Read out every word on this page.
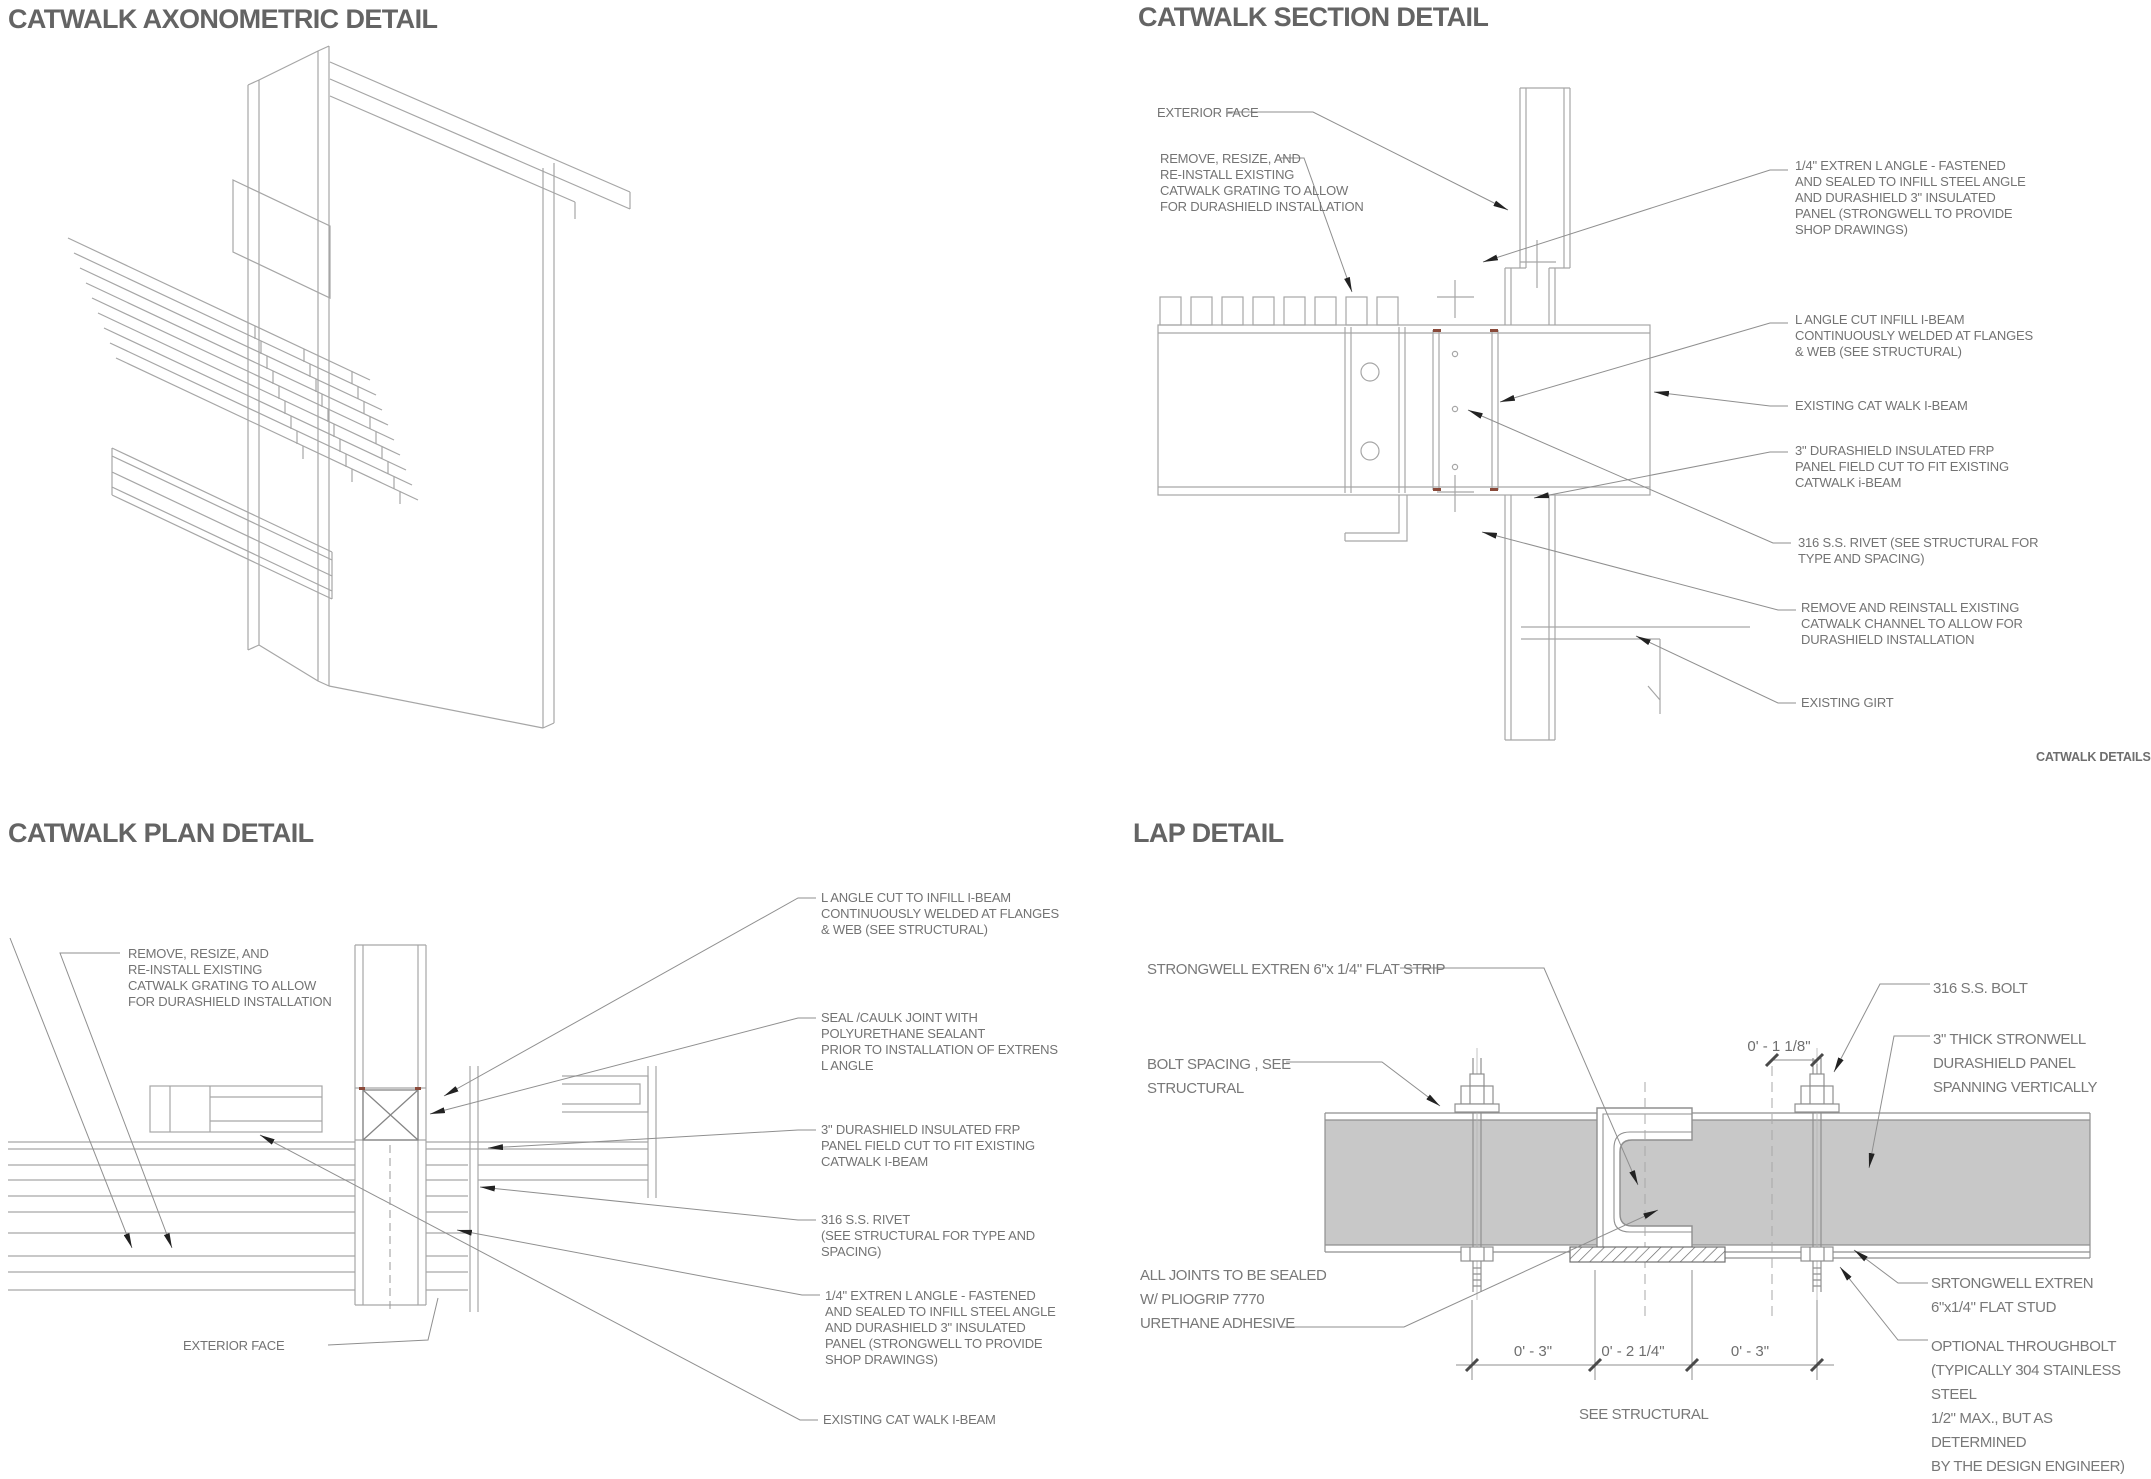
CATWALK AXONOMETRIC DETAIL	CATWALK SECTION DETAIL
CATWALK PLAN DETAIL	LAP DETAIL
CATWALK DETAILS
0' - 1 1/8"
0' - 3"	0' - 2 1/4"	0' - 3"
EXTERIOR FACE
REMOVE, RESIZE, AND
RE-INSTALL EXISTING
CATWALK GRATING TO ALLOW
FOR DURASHIELD INSTALLATION
1/4" EXTREN L ANGLE - FASTENED
AND SEALED TO INFILL STEEL ANGLE
AND DURASHIELD 3" INSULATED
PANEL (STRONGWELL TO PROVIDE
SHOP DRAWINGS)
L ANGLE CUT INFILL I-BEAM
CONTINUOUSLY WELDED AT FLANGES
& WEB (SEE STRUCTURAL)
EXISTING CAT WALK I-BEAM
3" DURASHIELD INSULATED FRP
PANEL FIELD CUT TO FIT EXISTING
CATWALK i-BEAM
316 S.S. RIVET (SEE STRUCTURAL FOR
TYPE AND SPACING)
REMOVE AND REINSTALL EXISTING
CATWALK CHANNEL TO ALLOW FOR
DURASHIELD INSTALLATION
EXISTING GIRT
REMOVE, RESIZE, AND
RE-INSTALL EXISTING
CATWALK GRATING TO ALLOW
FOR DURASHIELD INSTALLATION
EXTERIOR FACE
L ANGLE CUT TO INFILL I-BEAM
CONTINUOUSLY WELDED AT FLANGES
& WEB (SEE STRUCTURAL)
SEAL /CAULK JOINT WITH
POLYURETHANE SEALANT
PRIOR TO INSTALLATION OF EXTRENS
L ANGLE
3" DURASHIELD INSULATED FRP
PANEL FIELD CUT TO FIT EXISTING
CATWALK I-BEAM
316 S.S. RIVET
(SEE STRUCTURAL FOR TYPE AND
SPACING)
1/4" EXTREN L ANGLE - FASTENED
AND SEALED TO INFILL STEEL ANGLE
AND DURASHIELD 3" INSULATED
PANEL (STRONGWELL TO PROVIDE
SHOP DRAWINGS)
EXISTING CAT WALK I-BEAM
STRONGWELL EXTREN 6"x 1/4" FLAT STRIP
BOLT SPACING , SEE
STRUCTURAL
316 S.S. BOLT
3" THICK STRONWELL
DURASHIELD PANEL
SPANNING VERTICALLY
ALL JOINTS TO BE SEALED
W/ PLIOGRIP 7770
URETHANE ADHESIVE
SRTONGWELL EXTREN
6"x1/4" FLAT STUD
OPTIONAL THROUGHBOLT
(TYPICALLY 304 STAINLESS STEEL
1/2" MAX., BUT AS DETERMINED
BY THE DESIGN ENGINEER)
SEE STRUCTURAL
